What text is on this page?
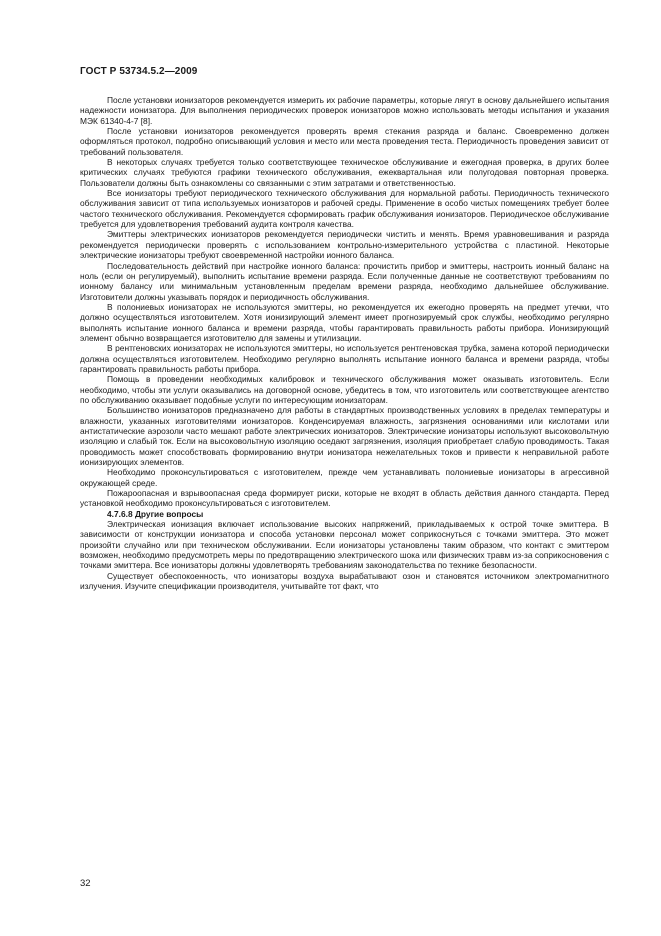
ГОСТ Р 53734.5.2—2009

После установки ионизаторов рекомендуется измерить их рабочие параметры, которые лягут в основу дальнейшего испытания надежности ионизатора. Для выполнения периодических проверок ионизаторов можно использовать методы испытания и указания МЭК 61340-4-7 [8].

После установки ионизаторов рекомендуется проверять время стекания разряда и баланс. Своевременно должен оформляться протокол, подробно описывающий условия и место или места проведения теста. Периодичность проведения зависит от требований пользователя.

В некоторых случаях требуется только соответствующее техническое обслуживание и ежегодная проверка, в других более критических случаях требуются графики технического обслуживания, ежеквартальная или полугодовая повторная проверка. Пользователи должны быть ознакомлены со связанными с этим затратами и ответственностью.

Все ионизаторы требуют периодического технического обслуживания для нормальной работы. Периодичность технического обслуживания зависит от типа используемых ионизаторов и рабочей среды. Применение в особо чистых помещениях требует более частого технического обслуживания. Рекомендуется сформировать график обслуживания ионизаторов. Периодическое обслуживание требуется для удовлетворения требований аудита контроля качества.

Эмиттеры электрических ионизаторов рекомендуется периодически чистить и менять. Время уравновешивания и разряда рекомендуется периодически проверять с использованием контрольно-измерительного устройства с пластиной. Некоторые электрические ионизаторы требуют своевременной настройки ионного баланса.

Последовательность действий при настройке ионного баланса: прочистить прибор и эмиттеры, настроить ионный баланс на ноль (если он регулируемый), выполнить испытание времени разряда. Если полученные данные не соответствуют требованиям по ионному балансу или минимальным установленным пределам времени разряда, необходимо дальнейшее обслуживание. Изготовители должны указывать порядок и периодичность обслуживания.

В полониевых ионизаторах не используются эмиттеры, но рекомендуется их ежегодно проверять на предмет утечки, что должно осуществляться изготовителем. Хотя ионизирующий элемент имеет прогнозируемый срок службы, необходимо регулярно выполнять испытание ионного баланса и времени разряда, чтобы гарантировать правильность работы прибора. Ионизирующий элемент обычно возвращается изготовителю для замены и утилизации.

В рентгеновских ионизаторах не используются эмиттеры, но используется рентгеновская трубка, замена которой периодически должна осуществляться изготовителем. Необходимо регулярно выполнять испытание ионного баланса и времени разряда, чтобы гарантировать правильность работы прибора.

Помощь в проведении необходимых калибровок и технического обслуживания может оказывать изготовитель. Если необходимо, чтобы эти услуги оказывались на договорной основе, убедитесь в том, что изготовитель или соответствующее агентство по обслуживанию оказывает подобные услуги по интересующим ионизаторам.

Большинство ионизаторов предназначено для работы в стандартных производственных условиях в пределах температуры и влажности, указанных изготовителями ионизаторов. Конденсируемая влажность, загрязнения основаниями или кислотами или антистатические аэрозоли часто мешают работе электрических ионизаторов. Электрические ионизаторы используют высоковольтную изоляцию и слабый ток. Если на высоковольтную изоляцию оседают загрязнения, изоляция приобретает слабую проводимость. Такая проводимость может способствовать формированию внутри ионизатора нежелательных токов и привести к неправильной работе ионизирующих элементов.

Необходимо проконсультироваться с изготовителем, прежде чем устанавливать полониевые ионизаторы в агрессивной окружающей среде.

Пожароопасная и взрывоопасная среда формирует риски, которые не входят в область действия данного стандарта. Перед установкой необходимо проконсультироваться с изготовителем.

4.7.6.8 Другие вопросы

Электрическая ионизация включает использование высоких напряжений, прикладываемых к острой точке эмиттера. В зависимости от конструкции ионизатора и способа установки персонал может соприкоснуться с точками эмиттера. Это может произойти случайно или при техническом обслуживании. Если ионизаторы установлены таким образом, что контакт с эмиттером возможен, необходимо предусмотреть меры по предотвращению электрического шока или физических травм из-за соприкосновения с точками эмиттера. Все ионизаторы должны удовлетворять требованиям законодательства по технике безопасности.

Существует обеспокоенность, что ионизаторы воздуха вырабатывают озон и становятся источником электромагнитного излучения. Изучите спецификации производителя, учитывайте тот факт, что

32
